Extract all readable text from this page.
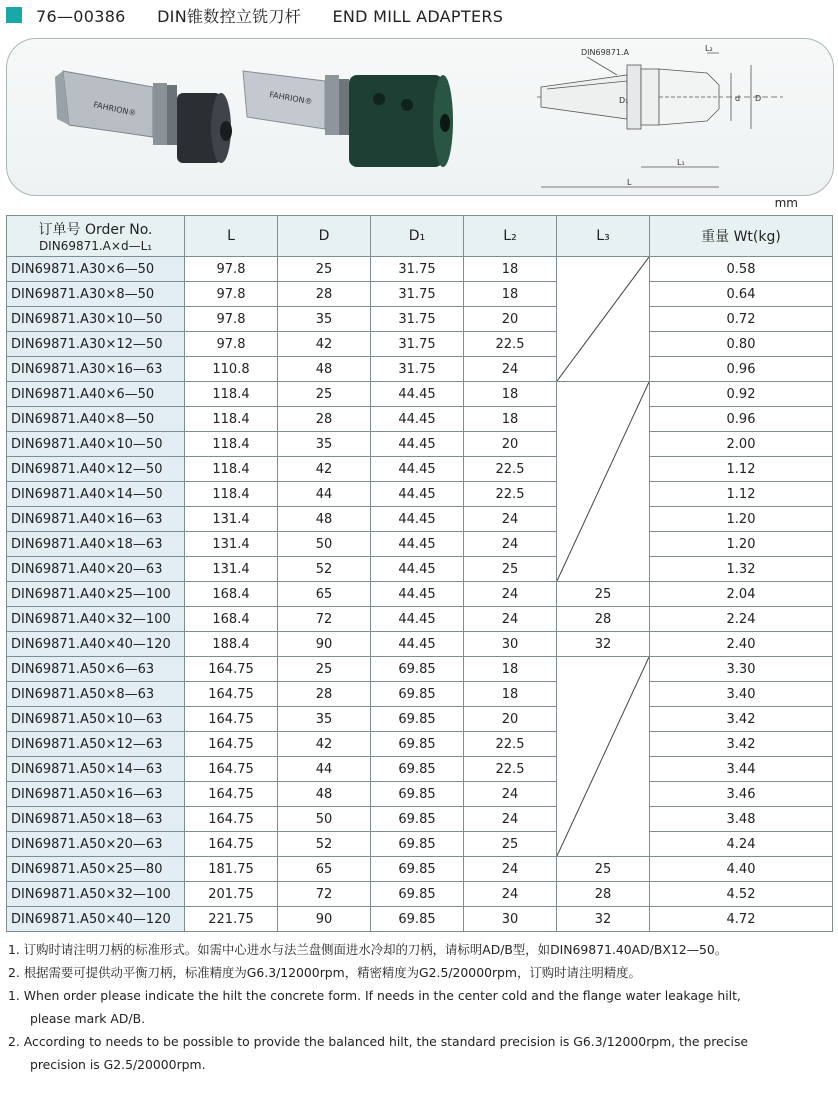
76—00386 DIN锥数控立铣刀杆 END MILL ADAPTERS
FAHRION®
FAHRION®
DIN69871.A	L₂
D₁	d D
L₁
L
mm
订单号 Order No.
DIN69871.A×d—L₁	L	D	D₁	L₂	L₃	重量 Wt(kg)
DIN69871.A30×6—50	97.8	25	31.75	18		0.58
DIN69871.A30×8—50	97.8	28	31.75	18		0.64
DIN69871.A30×10—50	97.8	35	31.75	20		0.72
DIN69871.A30×12—50	97.8	42	31.75	22.5		0.80
DIN69871.A30×16—63	110.8	48	31.75	24		0.96
DIN69871.A40×6—50	118.4	25	44.45	18		0.92
DIN69871.A40×8—50	118.4	28	44.45	18		0.96
DIN69871.A40×10—50	118.4	35	44.45	20		2.00
DIN69871.A40×12—50	118.4	42	44.45	22.5		1.12
DIN69871.A40×14—50	118.4	44	44.45	22.5		1.12
DIN69871.A40×16—63	131.4	48	44.45	24		1.20
DIN69871.A40×18—63	131.4	50	44.45	24		1.20
DIN69871.A40×20—63	131.4	52	44.45	25		1.32
DIN69871.A40×25—100	168.4	65	44.45	24	25	2.04
DIN69871.A40×32—100	168.4	72	44.45	24	28	2.24
DIN69871.A40×40—120	188.4	90	44.45	30	32	2.40
DIN69871.A50×6—63	164.75	25	69.85	18		3.30
DIN69871.A50×8—63	164.75	28	69.85	18		3.40
DIN69871.A50×10—63	164.75	35	69.85	20		3.42
DIN69871.A50×12—63	164.75	42	69.85	22.5		3.42
DIN69871.A50×14—63	164.75	44	69.85	22.5		3.44
DIN69871.A50×16—63	164.75	48	69.85	24		3.46
DIN69871.A50×18—63	164.75	50	69.85	24		3.48
DIN69871.A50×20—63	164.75	52	69.85	25		4.24
DIN69871.A50×25—80	181.75	65	69.85	24	25	4.40
DIN69871.A50×32—100	201.75	72	69.85	24	28	4.52
DIN69871.A50×40—120	221.75	90	69.85	30	32	4.72

1. 订购时请注明刀柄的标准形式。如需中心进水与法兰盘侧面进水冷却的刀柄，请标明AD/B型，如DIN69871.40AD/BX12—50。

2. 根据需要可提供动平衡刀柄，标准精度为G6.3/12000rpm，精密精度为G2.5/20000rpm，订购时请注明精度。

1. When order please indicate the hilt the concrete form. If needs in the center cold and the flange water leakage hilt,

please mark AD/B.

2. According to needs to be possible to provide the balanced hilt, the standard precision is G6.3/12000rpm, the precise

precision is G2.5/20000rpm.
